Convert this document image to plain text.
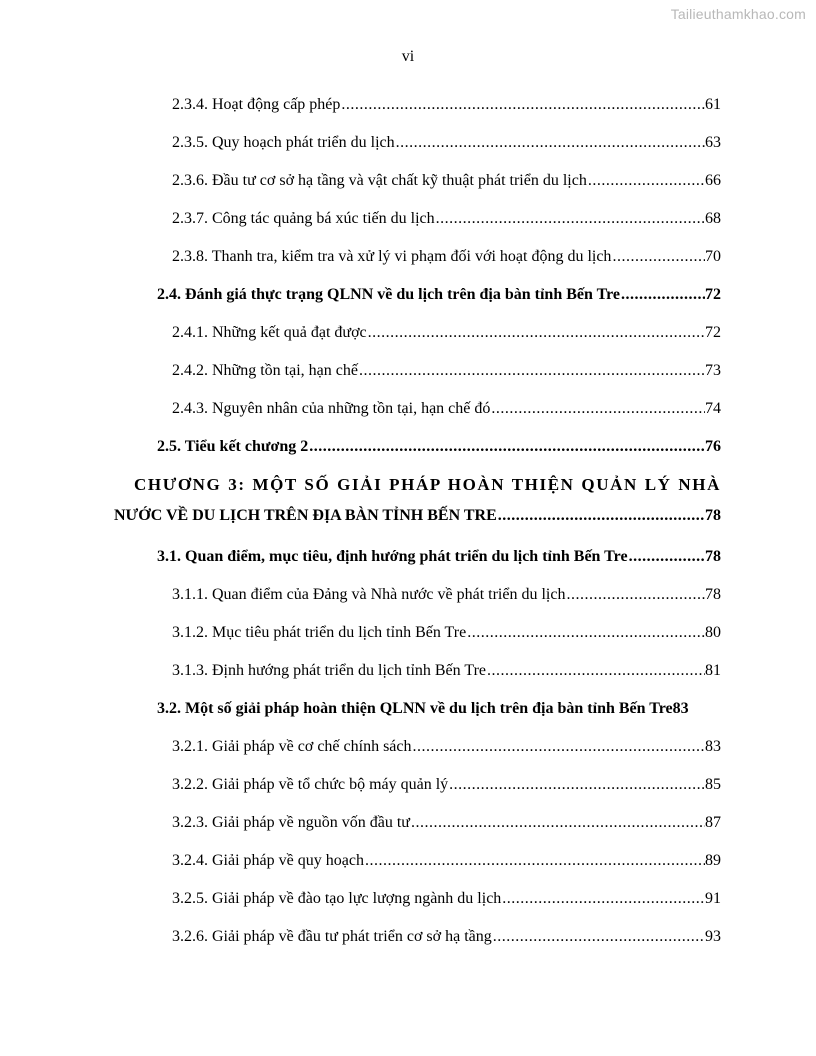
Tailieuthamkhao.com
vi
2.3.4. Hoạt động cấp phép .....	61
2.3.5. Quy hoạch phát triển du lịch .....	63
2.3.6. Đầu tư cơ sở hạ tầng và vật chất kỹ thuật phát triển du lịch .....	66
2.3.7. Công tác quảng bá xúc tiến du lịch .....	68
2.3.8. Thanh tra, kiểm tra và xử lý vi phạm đối với hoạt động du lịch .....	70
2.4. Đánh giá thực trạng QLNN về du lịch trên địa bàn tỉnh Bến Tre .....	72
2.4.1. Những kết quả đạt được .....	72
2.4.2. Những tồn tại, hạn chế .....	73
2.4.3. Nguyên nhân của những tồn tại, hạn chế đó .....	74
2.5. Tiểu kết chương 2 .....	76
CHƯƠNG 3: MỘT SỐ GIẢI PHÁP HOÀN THIỆN QUẢN LÝ NHÀ
NƯỚC VỀ DU LỊCH TRÊN ĐỊA BÀN TỈNH BẾN TRE .....	78
3.1. Quan điểm, mục tiêu, định hướng phát triển du lịch tỉnh Bến Tre .....	78
3.1.1. Quan điểm của Đảng và Nhà nước về phát triển du lịch .....	78
3.1.2. Mục tiêu phát triển du lịch tỉnh Bến Tre .....	80
3.1.3. Định hướng phát triển du lịch tỉnh Bến Tre .....	81
3.2. Một số giải pháp hoàn thiện QLNN về du lịch trên địa bàn tỉnh Bến Tre 83
3.2.1. Giải pháp về cơ chế chính sách .....	83
3.2.2. Giải pháp về tổ chức bộ máy quản lý .....	85
3.2.3. Giải pháp về nguồn vốn đầu tư .....	87
3.2.4. Giải pháp về quy hoạch .....	89
3.2.5. Giải pháp về đào tạo lực lượng ngành du lịch .....	91
3.2.6. Giải pháp về đầu tư phát triển cơ sở hạ tầng .....	93
